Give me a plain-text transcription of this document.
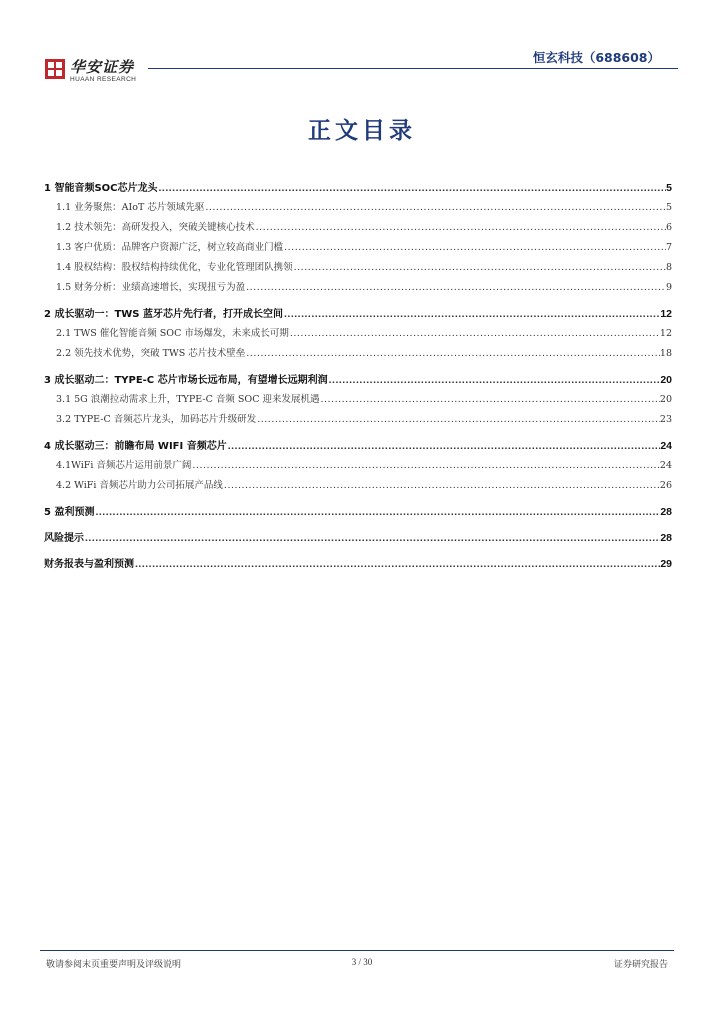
恒玄科技（688608）
华安证券
HUAAN RESEARCH
正文目录
1 智能音频SOC芯片龙头 .....	5
1.1 业务聚焦：AIoT 芯片领域先驱 .....	5
1.2 技术领先：高研发投入，突破关键核心技术 .....	6
1.3 客户优质：品牌客户资源广泛，树立较高商业门槛 .....	7
1.4 股权结构：股权结构持续优化，专业化管理团队携领 .....	8
1.5 财务分析：业绩高速增长，实现扭亏为盈 .....	9
2 成长驱动一：TWS 蓝牙芯片先行者，打开成长空间 .....	12
2.1 TWS 催化智能音频 SOC 市场爆发，未来成长可期 .....	12
2.2 领先技术优势，突破 TWS 芯片技术壁垒 .....	18
3 成长驱动二：TYPE-C 芯片市场长远布局，有望增长远期利润 .....	20
3.1 5G 浪潮拉动需求上升，TYPE-C 音频 SOC 迎来发展机遇 .....	20
3.2 TYPE-C 音频芯片龙头，加码芯片升级研发 .....	23
4 成长驱动三：前瞻布局 WIFI 音频芯片 .....	24
4.1WiFi 音频芯片运用前景广阔 .....	24
4.2 WiFi 音频芯片助力公司拓展产品线 .....	26
5 盈利预测 .....	28
风险提示 .....	28
财务报表与盈利预测 .....	29
敬请参阅末页重要声明及评级说明	3 / 30	证券研究报告
